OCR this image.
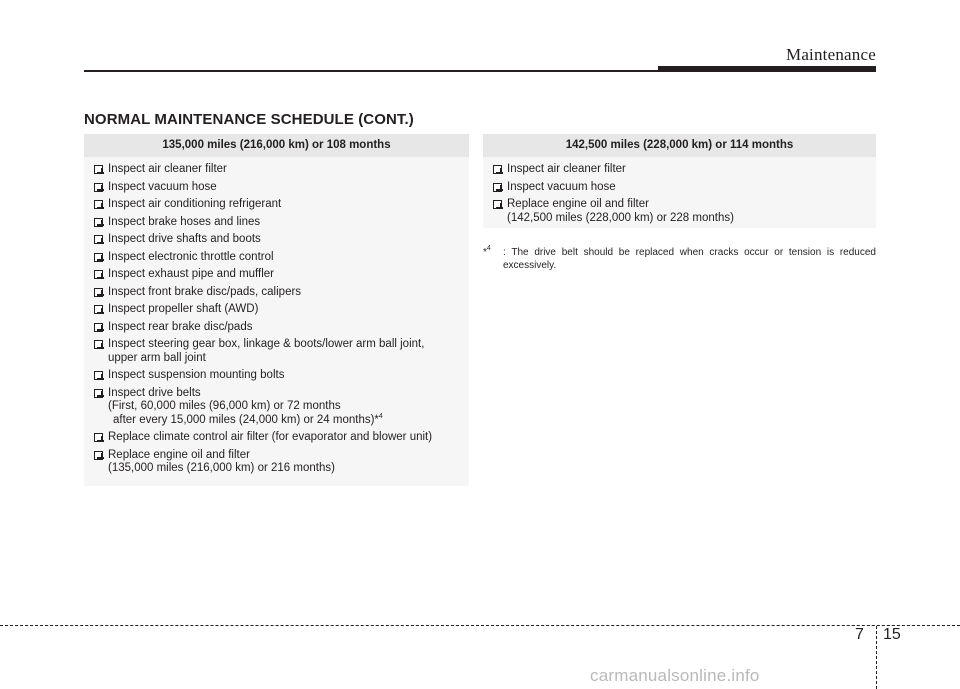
Maintenance
NORMAL MAINTENANCE SCHEDULE (CONT.)
135,000 miles (216,000 km) or 108 months
Inspect air cleaner filter
Inspect vacuum hose
Inspect air conditioning refrigerant
Inspect brake hoses and lines
Inspect drive shafts and boots
Inspect electronic throttle control
Inspect exhaust pipe and muffler
Inspect front brake disc/pads, calipers
Inspect propeller shaft (AWD)
Inspect rear brake disc/pads
Inspect steering gear box, linkage & boots/lower arm ball joint,
upper arm ball joint
Inspect suspension mounting bolts
Inspect drive belts
(First, 60,000 miles (96,000 km) or 72 months
after every 15,000 miles (24,000 km) or 24 months)*$^4$
Replace climate control air filter (for evaporator and blower unit)
Replace engine oil and filter
(135,000 miles (216,000 km) or 216 months)
142,500 miles (228,000 km) or 114 months
Inspect air cleaner filter
Inspect vacuum hose
Replace engine oil and filter
(142,500 miles (228,000 km) or 228 months)
*$^4$	: The drive belt should be replaced when cracks occur or tension is reduced excessively.
7 15
carmanualsonline.info
